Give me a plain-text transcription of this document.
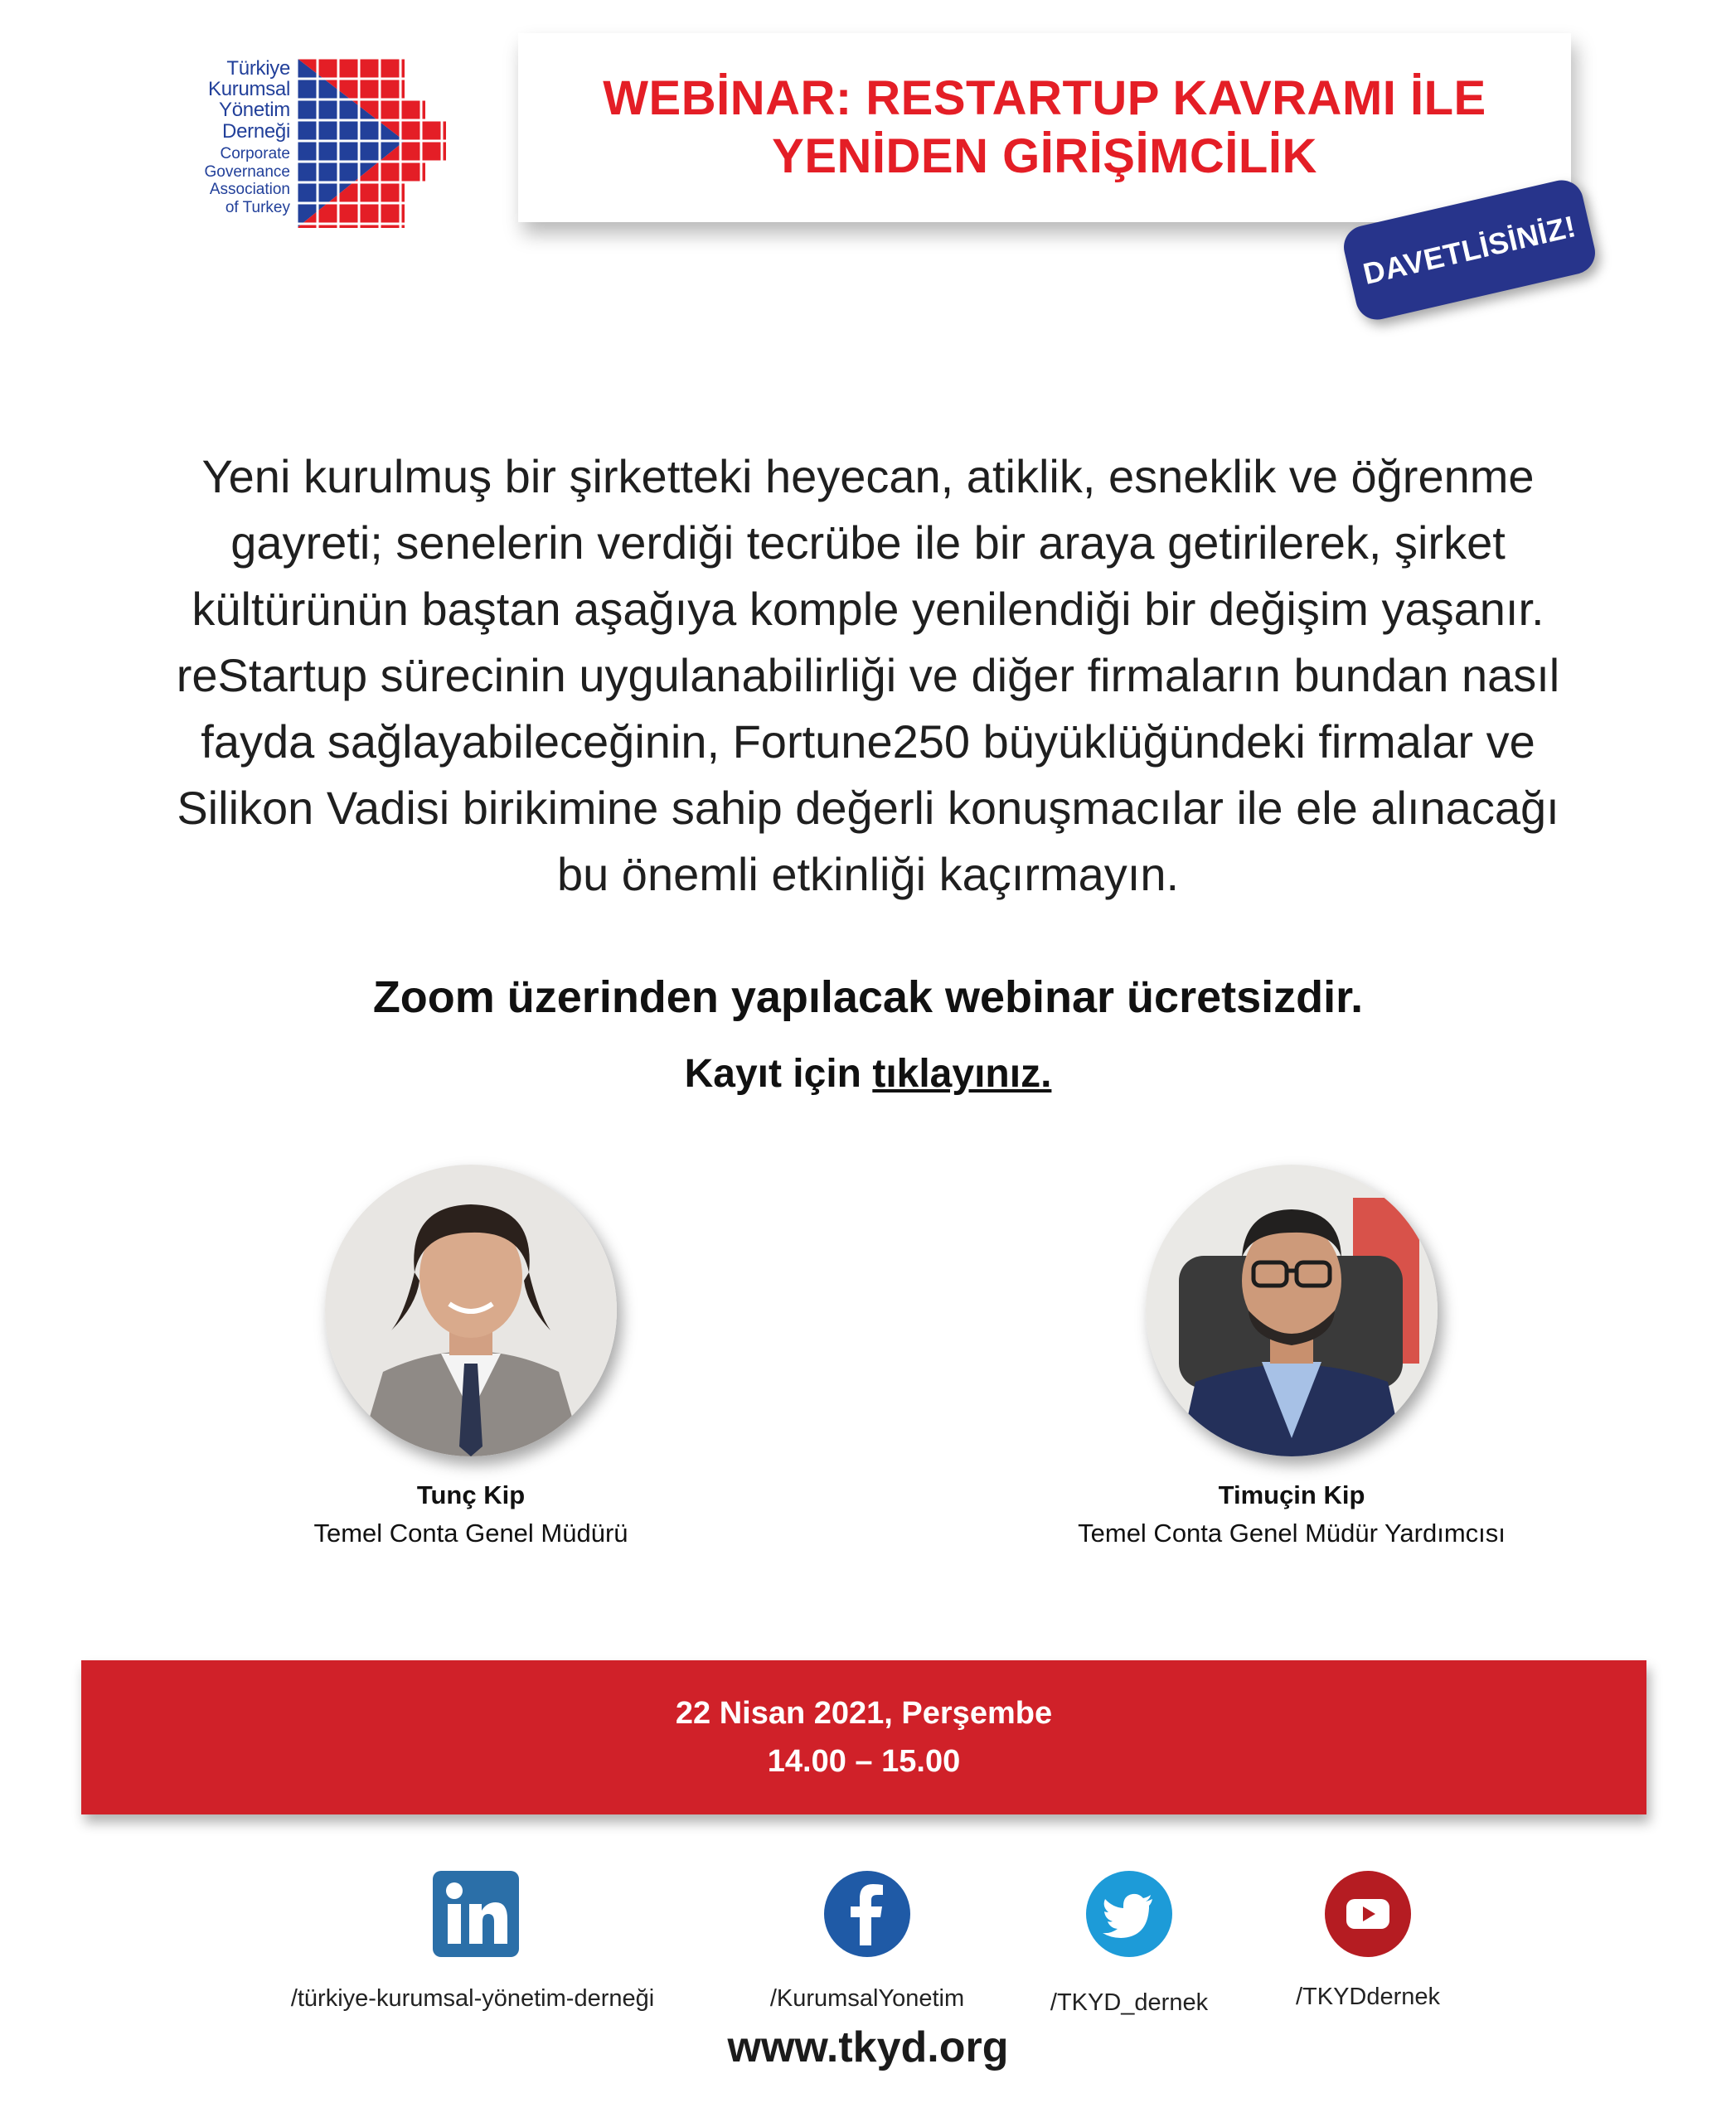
Türkiye
Kurumsal
Yönetim
Derneği
Corporate
Governance
Association
of Turkey
WEBİNAR: RESTARTUP KAVRAMI İLE
YENİDEN GİRİŞİMCİLİK
DAVETLİSİNİZ!
Yeni kurulmuş bir şirketteki heyecan, atiklik, esneklik ve öğrenme
gayreti; senelerin verdiği tecrübe ile bir araya getirilerek, şirket
kültürünün baştan aşağıya komple yenilendiği bir değişim yaşanır.
reStartup sürecinin uygulanabilirliği ve diğer firmaların bundan nasıl
fayda sağlayabileceğinin, Fortune250 büyüklüğündeki firmalar ve
Silikon Vadisi birikimine sahip değerli konuşmacılar ile ele alınacağı
bu önemli etkinliği kaçırmayın.
Zoom üzerinden yapılacak webinar ücretsizdir.
Kayıt için tıklayınız.
Tunç Kip
Temel Conta Genel Müdürü
Timuçin Kip
Temel Conta Genel Müdür Yardımcısı
22 Nisan 2021, Perşembe
14.00 – 15.00
/türkiye-kurumsal-yönetim-derneği	/KurumsalYonetim	/TKYD_dernek	/TKYDdernek
www.tkyd.org
